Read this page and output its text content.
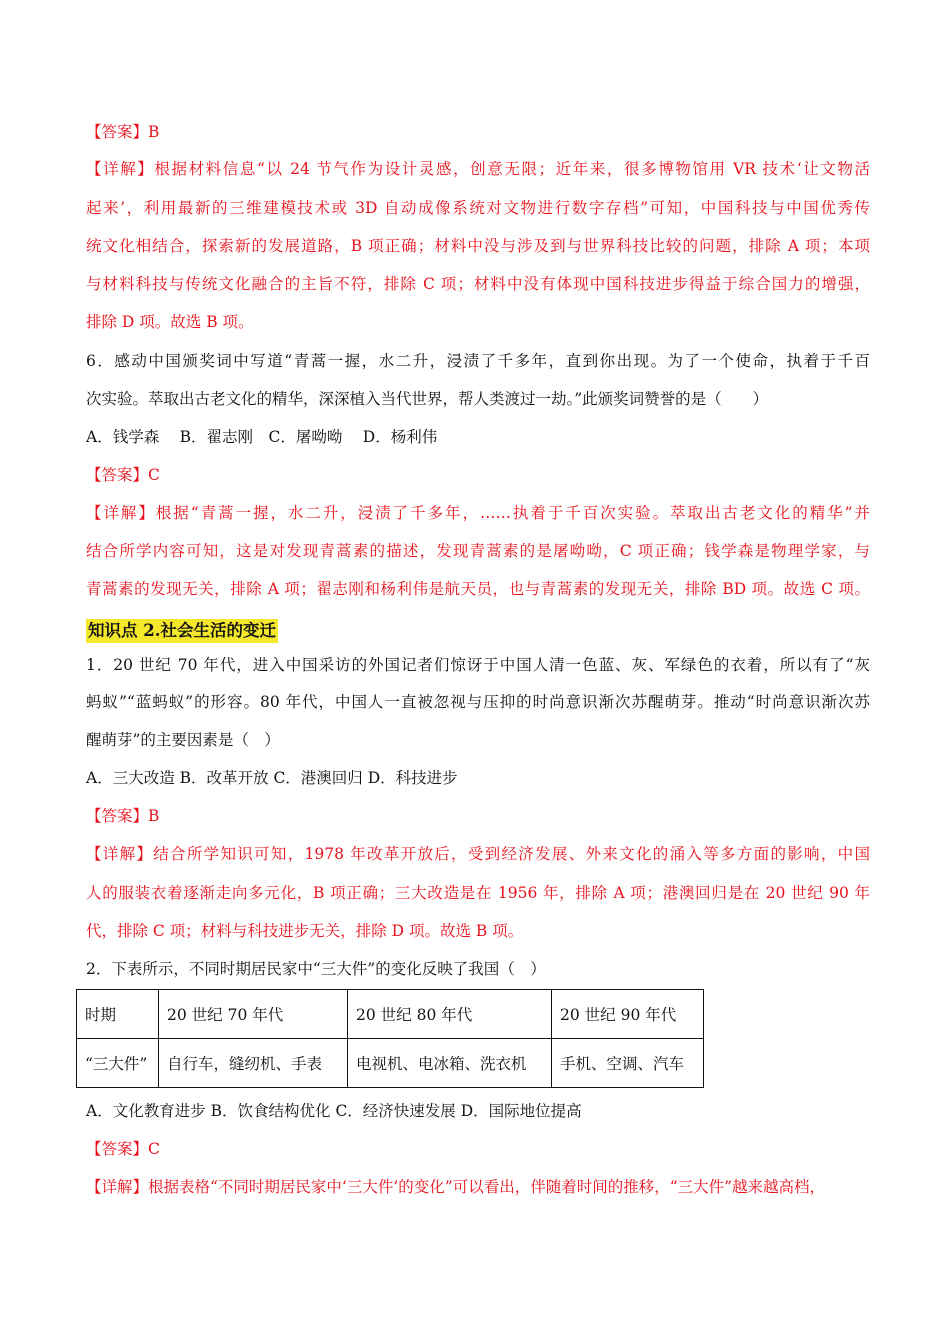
【答案】B
【详解】根据材料信息“以 24 节气作为设计灵感，创意无限；近年来，很多博物馆用 VR 技术‘让文物活
起来’，利用最新的三维建模技术或 3D 自动成像系统对文物进行数字存档”可知，中国科技与中国优秀传
统文化相结合，探索新的发展道路，B 项正确；材料中没与涉及到与世界科技比较的问题，排除 A 项；本项
与材料科技与传统文化融合的主旨不符，排除 C 项；材料中没有体现中国科技进步得益于综合国力的增强，
排除 D 项。故选 B 项。
6．感动中国颁奖词中写道“青蒿一握，水二升，浸渍了千多年，直到你出现。为了一个使命，执着于千百
次实验。萃取出古老文化的精华，深深植入当代世界，帮人类渡过一劫。”此颁奖词赞誉的是（　　）
A．钱学森　 B．翟志刚　C．屠呦呦　 D．杨利伟
【答案】C
【详解】根据“青蒿一握，水二升，浸渍了千多年，……执着于千百次实验。萃取出古老文化的精华”并
结合所学内容可知，这是对发现青蒿素的描述，发现青蒿素的是屠呦呦，C 项正确；钱学森是物理学家，与
青蒿素的发现无关，排除 A 项；翟志刚和杨利伟是航天员，也与青蒿素的发现无关，排除 BD 项。故选 C 项。
知识点 2.社会生活的变迁
1．20 世纪 70 年代，进入中国采访的外国记者们惊讶于中国人清一色蓝、灰、军绿色的衣着，所以有了“灰
蚂蚁”“蓝蚂蚁”的形容。80 年代，中国人一直被忽视与压抑的时尚意识渐次苏醒萌芽。推动“时尚意识渐次苏
醒萌芽”的主要因素是（　）
A．三大改造 B．改革开放 C．港澳回归 D．科技进步
【答案】B
【详解】结合所学知识可知，1978 年改革开放后，受到经济发展、外来文化的涌入等多方面的影响，中国
人的服装衣着逐渐走向多元化，B 项正确；三大改造是在 1956 年，排除 A 项；港澳回归是在 20 世纪 90 年
代，排除 C 项；材料与科技进步无关，排除 D 项。故选 B 项。
2．下表所示，不同时期居民家中“三大件”的变化反映了我国（　）
时期	20 世纪 70 年代	20 世纪 80 年代	20 世纪 90 年代
“三大件”	自行车，缝纫机、手表	电视机、电冰箱、洗衣机	手机、空调、汽车
A．文化教育进步 B．饮食结构优化 C．经济快速发展 D．国际地位提高
【答案】C
【详解】根据表格“不同时期居民家中‘三大件’的变化”可以看出，伴随着时间的推移，“三大件”越来越高档，
